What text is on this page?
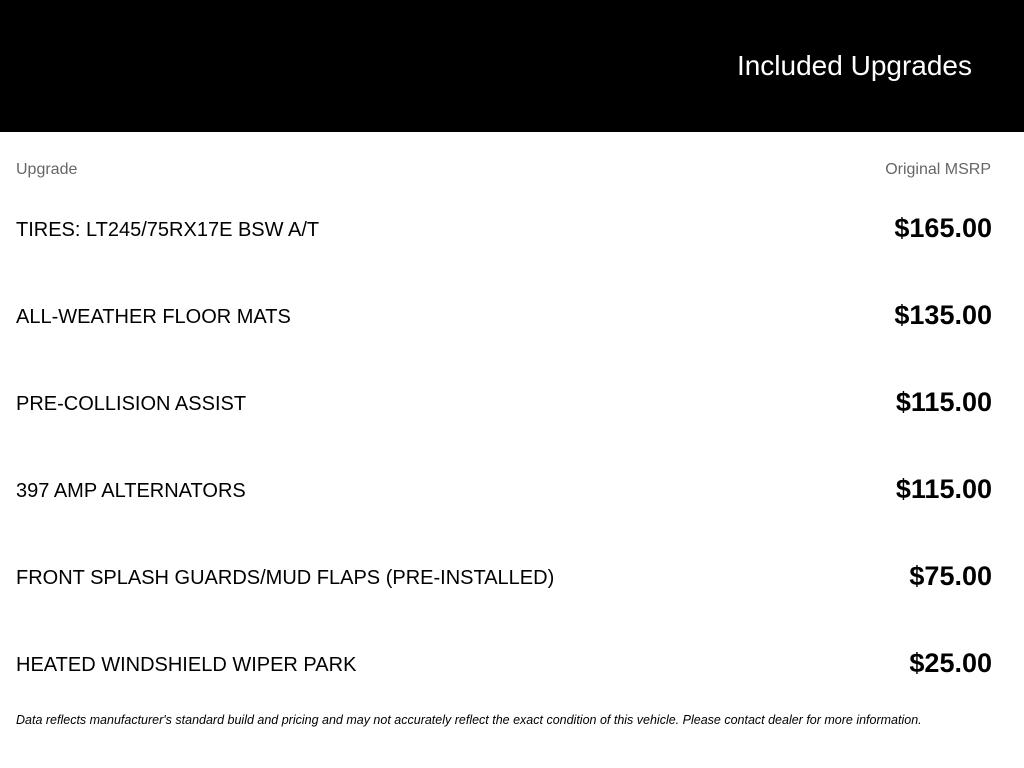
Included Upgrades
Upgrade	Original MSRP
TIRES: LT245/75RX17E BSW A/T	$165.00
ALL-WEATHER FLOOR MATS	$135.00
PRE-COLLISION ASSIST	$115.00
397 AMP ALTERNATORS	$115.00
FRONT SPLASH GUARDS/MUD FLAPS (PRE-INSTALLED)	$75.00
HEATED WINDSHIELD WIPER PARK	$25.00
Data reflects manufacturer's standard build and pricing and may not accurately reflect the exact condition of this vehicle. Please contact dealer for more information.
